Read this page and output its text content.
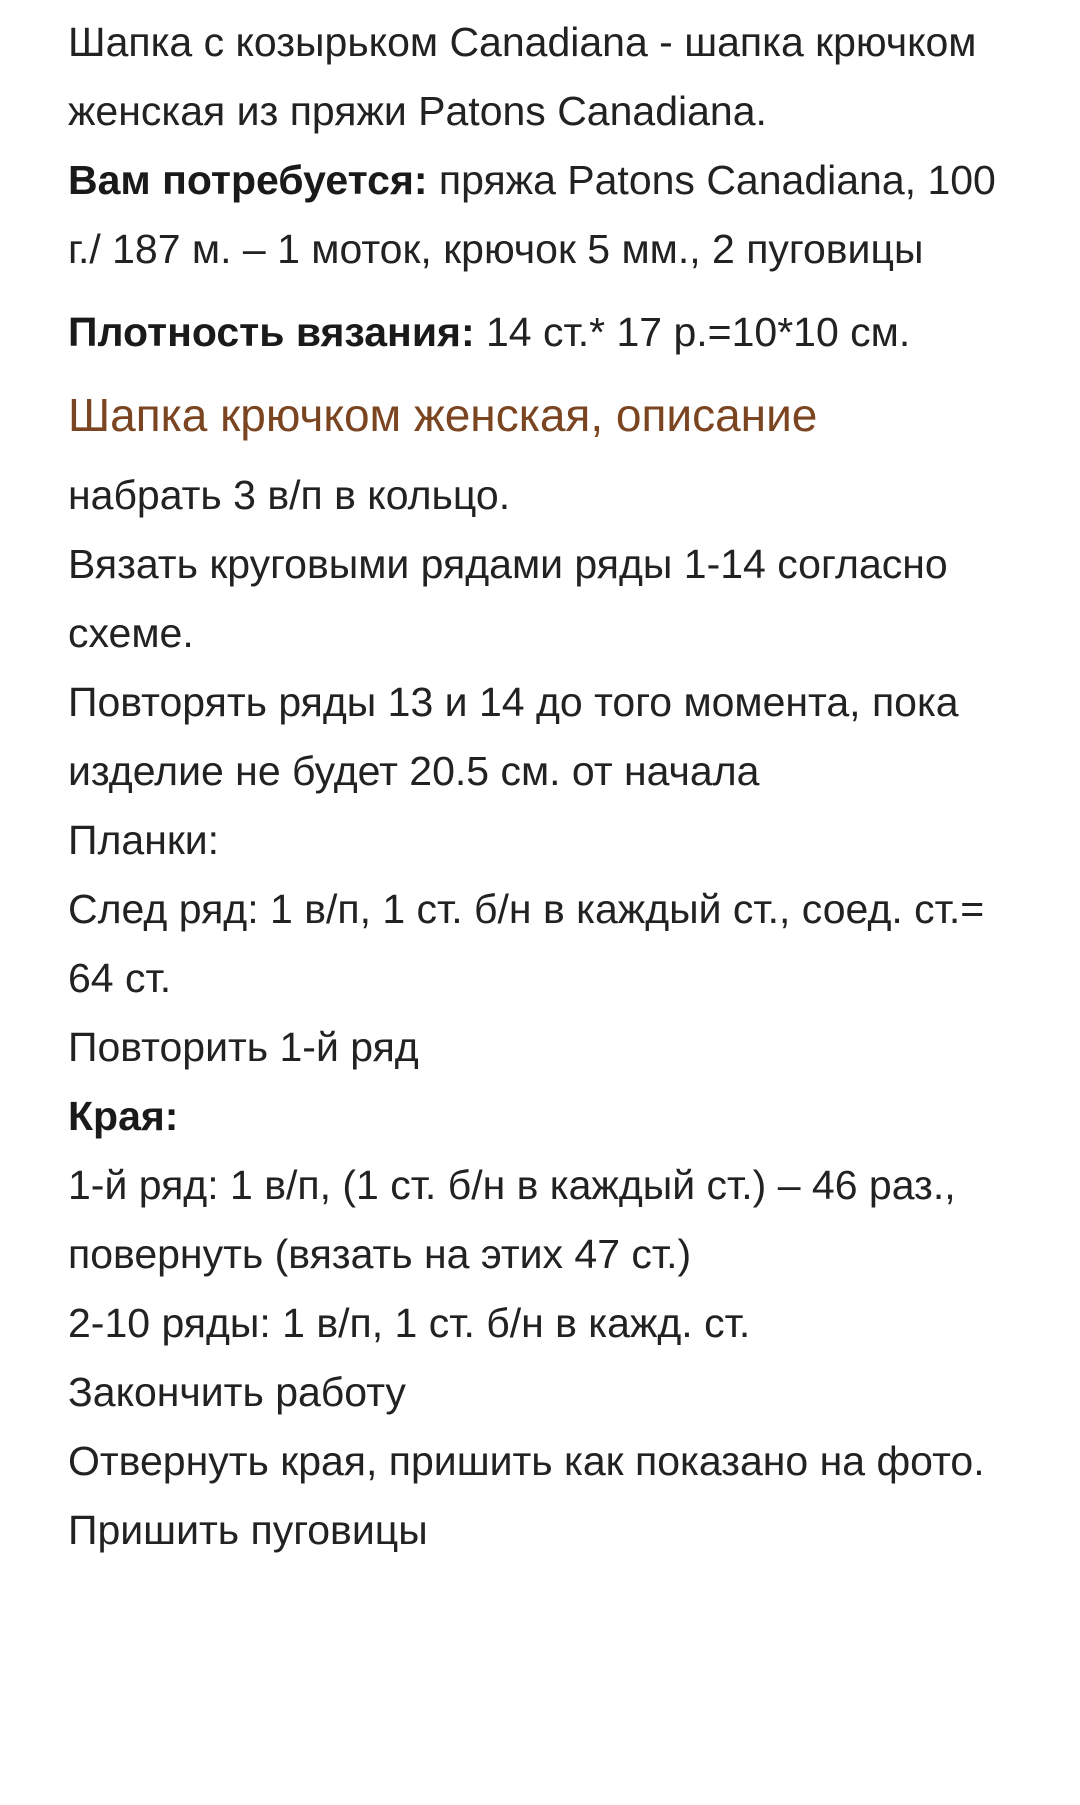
Шапка с козырьком Canadiana - шапка крючком женская из пряжи Patons Canadiana.

Вам потребуется: пряжа Patons Canadiana, 100 г./ 187 м. – 1 моток, крючок 5 мм., 2 пуговицы

Плотность вязания: 14 ст.* 17 р.=10*10 см.

Шапка крючком женская, описание

набрать 3 в/п в кольцо.

Вязать круговыми рядами ряды 1-14 согласно схеме.

Повторять ряды 13 и 14 до того момента, пока изделие не будет 20.5 см. от начала

Планки:

След ряд: 1 в/п, 1 ст. б/н в каждый ст., соед. ст.= 64 ст.

Повторить 1-й ряд

Края:

1-й ряд: 1 в/п, (1 ст. б/н в каждый ст.) – 46 раз., повернуть (вязать на этих 47 ст.)

2-10 ряды: 1 в/п, 1 ст. б/н в кажд. ст.

Закончить работу

Отвернуть края, пришить как показано на фото.

Пришить пуговицы
